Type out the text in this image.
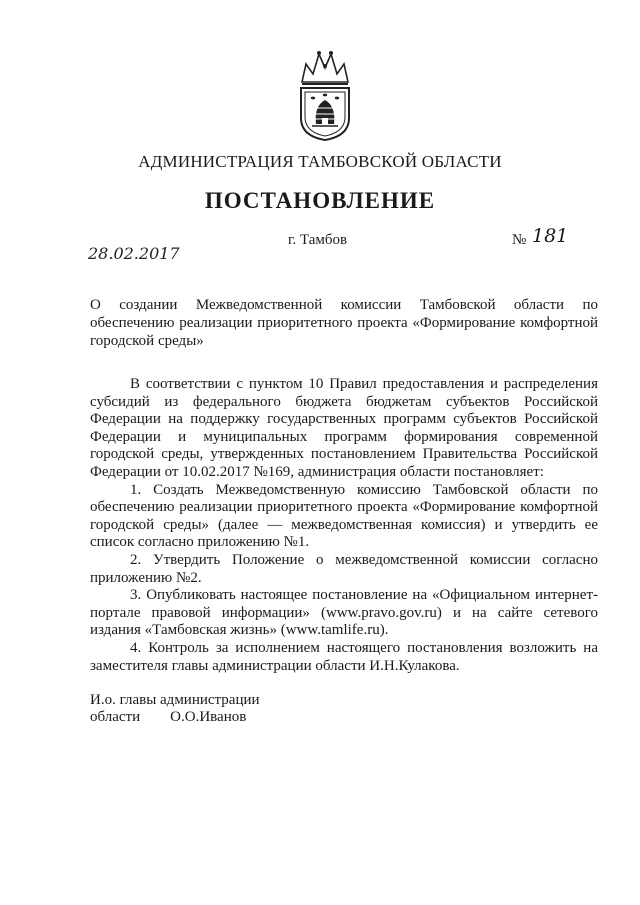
АДМИНИСТРАЦИЯ ТАМБОВСКОЙ ОБЛАСТИ
ПОСТАНОВЛЕНИЕ
28.02.2017
г. Тамбов	№ 181
О создании Межведомственной комиссии Тамбовской области по обеспечению реализации приоритетного проекта «Формирование комфортной городской среды»

В соответствии с пунктом 10 Правил предоставления и распределения субсидий из федерального бюджета бюджетам субъектов Российской Федерации на поддержку государственных программ субъектов Российской Федерации и муниципальных программ формирования современной городской среды, утвержденных постановлением Правительства Российской Федерации от 10.02.2017 №169, администрация области постановляет:

1. Создать Межведомственную комиссию Тамбовской области по обеспечению реализации приоритетного проекта «Формирование комфортной городской среды» (далее — межведомственная комиссия) и утвердить ее список согласно приложению №1.

2. Утвердить Положение о межведомственной комиссии согласно приложению №2.

3. Опубликовать настоящее постановление на «Официальном интернет-портале правовой информации» (www.pravo.gov.ru) и на сайте сетевого издания «Тамбовская жизнь» (www.tamlife.ru).

4. Контроль за исполнением настоящего постановления возложить на заместителя главы администрации области И.Н.Кулакова.

И.о. главы администрации
области О.О.Иванов
